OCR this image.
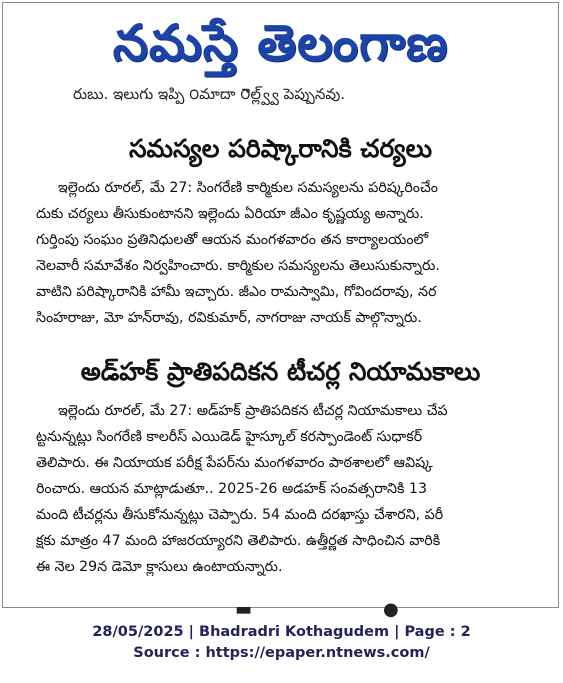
నమస్తే తెలంగాణ
రుబు. ఇలుగు ఇప్పి ౦మాదా ౦ెల్ల్వ్వ్ పెప్పునవు.
సమస్యల పరిష్కారానికి చర్యలు

ఇల్లెందు రూరల్, మే 27: సింగరేణి కార్మికుల సమస్యలను పరిష్కరించేం

దుకు చర్యలు తీసుకుంటానని ఇల్లెందు ఏరియా జీఎం కృష్ణయ్య అన్నారు.

గుర్తింపు సంఘం ప్రతినిధులతో ఆయన మంగళవారం తన కార్యాలయంలో

నెలవారీ సమావేశం నిర్వహించారు. కార్మికుల సమస్యలను తెలుసుకున్నారు.

వాటిని పరిష్కారానికి హామీ ఇచ్చారు. జీఎం రామస్వామి, గోవిందరావు, నర

సింహరాజు, మో హన్‌రావు, రవికుమార్, నాగరాజు నాయక్ పాల్గొన్నారు.

అడ్‌హక్ ప్రాతిపదికన టీచర్ల నియామకాలు

ఇల్లెందు రూరల్, మే 27: అడ్‌హక్ ప్రాతిపదికన టీచర్ల నియామకాలు చేప

ట్టనున్నట్లు సింగరేణి కాలరీస్ ఎయిడెడ్ హైస్కూల్ కరస్పాండెంట్ సుధాకర్

తెలిపారు. ఈ నియాయక పరీక్ష పేపర్‌ను మంగళవారం పాఠశాలలో ఆవిష్క

రించారు. ఆయన మాట్లాడుతూ.. 2025-26 అడహక్ సంవత్సరానికి 13

మంది టీచర్లను తీసుకోనున్నట్లు చెప్పారు. 54 మంది దరఖాస్తు చేశారని, పరీ

క్షకు మాత్రం 47 మంది హాజరయ్యారని తెలిపారు. ఉత్తీర్ణత సాధించిన వారికి

ఈ నెల 29న డెమో క్లాసులు ఉంటాయన్నారు.

▬	●
28/05/2025 | Bhadradri Kothagudem | Page : 2
Source : https://epaper.ntnews.com/
